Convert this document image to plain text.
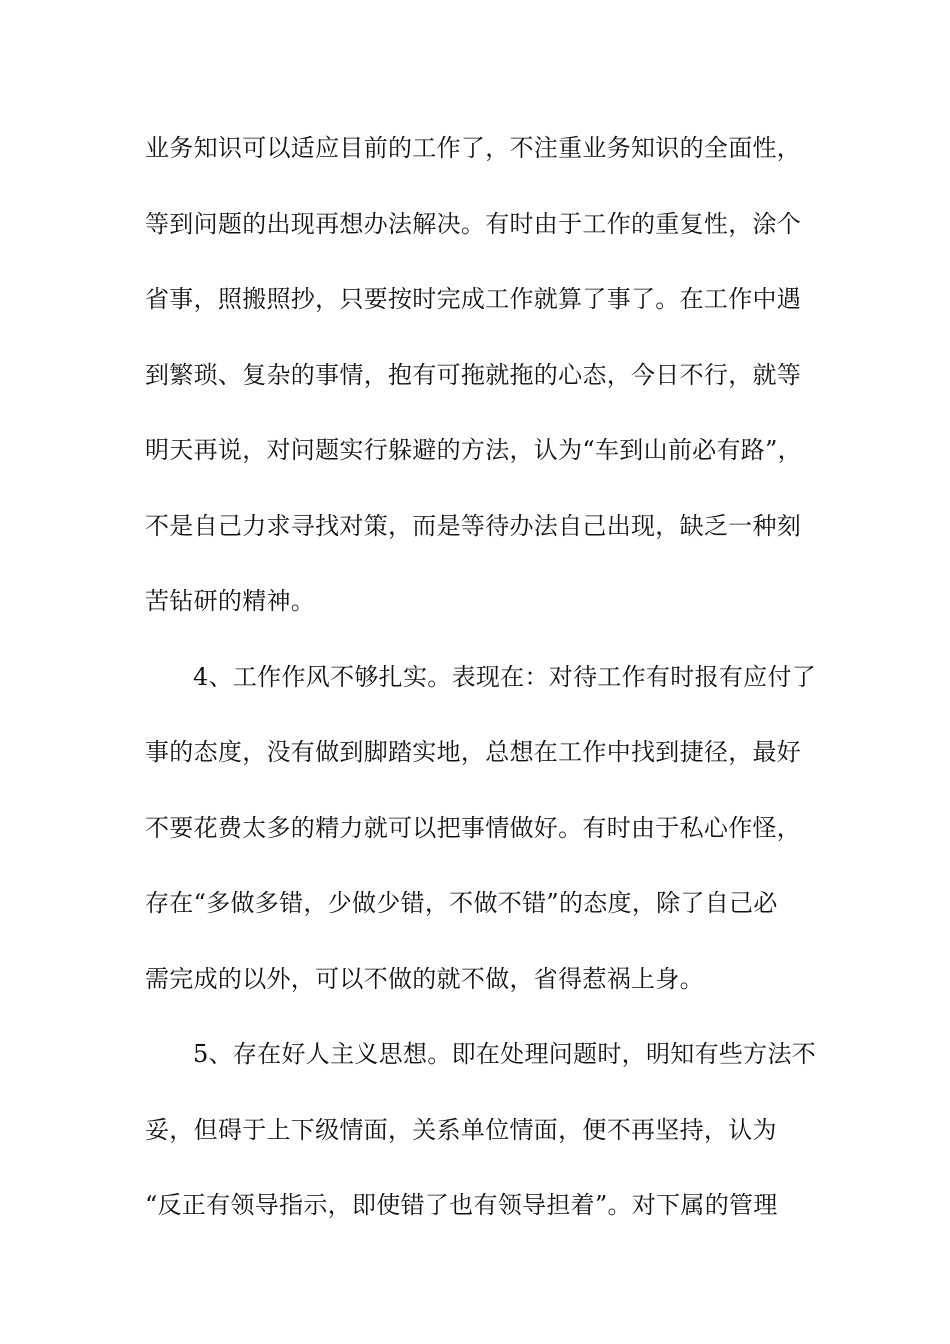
业务知识可以适应目前的工作了，不注重业务知识的全面性，
等到问题的出现再想办法解决。有时由于工作的重复性，涂个
省事，照搬照抄，只要按时完成工作就算了事了。在工作中遇
到繁琐、复杂的事情，抱有可拖就拖的心态，今日不行，就等
明天再说，对问题实行躲避的方法，认为“车到山前必有路”，
不是自己力求寻找对策，而是等待办法自己出现，缺乏一种刻
苦钻研的精神。
4、工作作风不够扎实。表现在：对待工作有时报有应付了
事的态度，没有做到脚踏实地，总想在工作中找到捷径，最好
不要花费太多的精力就可以把事情做好。有时由于私心作怪，
存在“多做多错，少做少错，不做不错”的态度，除了自己必
需完成的以外，可以不做的就不做，省得惹祸上身。
5、存在好人主义思想。即在处理问题时，明知有些方法不
妥，但碍于上下级情面，关系单位情面，便不再坚持，认为
“反正有领导指示，即使错了也有领导担着”。对下属的管理
